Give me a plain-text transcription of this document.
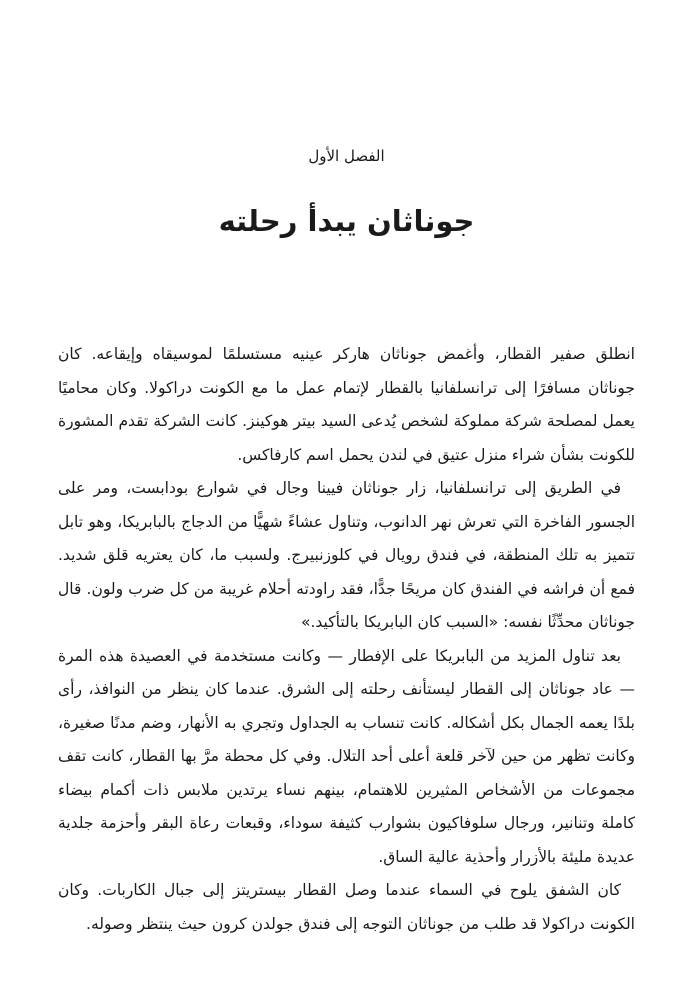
الفصل الأول
جوناثان يبدأ رحلته

انطلق صفير القطار، وأغمض جوناثان هاركر عينيه مستسلمًا لموسيقاه وإيقاعه. كان جوناثان مسافرًا إلى ترانسلفانيا بالقطار لإتمام عمل ما مع الكونت دراكولا. وكان محاميًا يعمل لمصلحة شركة مملوكة لشخص يُدعى السيد بيتر هوكينز. كانت الشركة تقدم المشورة للكونت بشأن شراء منزل عتيق في لندن يحمل اسم كارفاكس.

في الطريق إلى ترانسلفانيا، زار جوناثان فيينا وجال في شوارع بودابست، ومر على الجسور الفاخرة التي تعرش نهر الدانوب، وتناول عشاءً شهيًّا من الدجاج بالبابريكا، وهو تابل تتميز به تلك المنطقة، في فندق رويال في كلوزنبيرج. ولسبب ما، كان يعتريه قلق شديد. فمع أن فراشه في الفندق كان مريحًا جدًّا، فقد راودته أحلام غريبة من كل ضرب ولون. قال جوناثان محدِّثًا نفسه: «السبب كان البابريكا بالتأكيد.»

بعد تناول المزيد من البابريكا على الإفطار — وكانت مستخدمة في العصيدة هذه المرة — عاد جوناثان إلى القطار ليستأنف رحلته إلى الشرق. عندما كان ينظر من النوافذ، رأى بلدًا يعمه الجمال بكل أشكاله. كانت تنساب به الجداول وتجري به الأنهار، وضم مدنًا صغيرة، وكانت تظهر من حين لآخر قلعة أعلى أحد التلال. وفي كل محطة مرَّ بها القطار، كانت تقف مجموعات من الأشخاص المثيرين للاهتمام، بينهم نساء يرتدين ملابس ذات أكمام بيضاء كاملة وتنانير، ورجال سلوفاكيون بشوارب كثيفة سوداء، وقبعات رعاة البقر وأحزمة جلدية عديدة مليئة بالأزرار وأحذية عالية الساق.

كان الشفق يلوح في السماء عندما وصل القطار بيستريتز إلى جبال الكاربات. وكان الكونت دراكولا قد طلب من جوناثان التوجه إلى فندق جولدن كرون حيث ينتظر وصوله.
